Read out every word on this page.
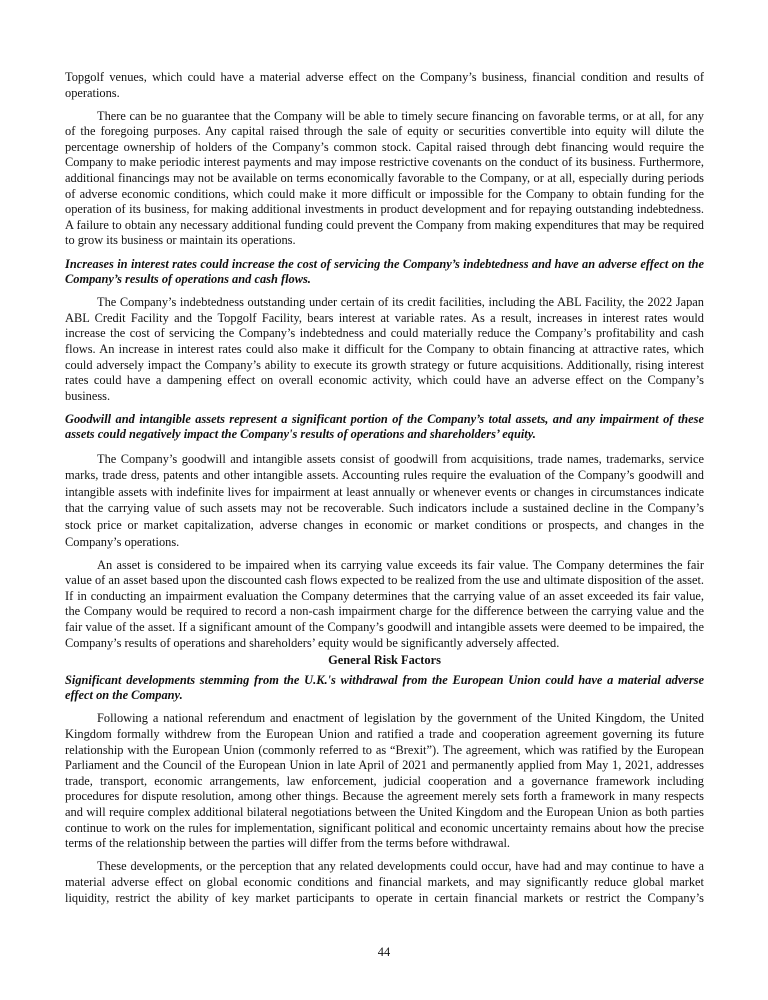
Topgolf venues, which could have a material adverse effect on the Company’s business, financial condition and results of operations.

There can be no guarantee that the Company will be able to timely secure financing on favorable terms, or at all, for any of the foregoing purposes. Any capital raised through the sale of equity or securities convertible into equity will dilute the percentage ownership of holders of the Company’s common stock. Capital raised through debt financing would require the Company to make periodic interest payments and may impose restrictive covenants on the conduct of its business. Furthermore, additional financings may not be available on terms economically favorable to the Company, or at all, especially during periods of adverse economic conditions, which could make it more difficult or impossible for the Company to obtain funding for the operation of its business, for making additional investments in product development and for repaying outstanding indebtedness. A failure to obtain any necessary additional funding could prevent the Company from making expenditures that may be required to grow its business or maintain its operations.

Increases in interest rates could increase the cost of servicing the Company’s indebtedness and have an adverse effect on the Company’s results of operations and cash flows.

The Company’s indebtedness outstanding under certain of its credit facilities, including the ABL Facility, the 2022 Japan ABL Credit Facility and the Topgolf Facility, bears interest at variable rates. As a result, increases in interest rates would increase the cost of servicing the Company’s indebtedness and could materially reduce the Company’s profitability and cash flows. An increase in interest rates could also make it difficult for the Company to obtain financing at attractive rates, which could adversely impact the Company’s ability to execute its growth strategy or future acquisitions. Additionally, rising interest rates could have a dampening effect on overall economic activity, which could have an adverse effect on the Company’s business.

Goodwill and intangible assets represent a significant portion of the Company’s total assets, and any impairment of these assets could negatively impact the Company's results of operations and shareholders’ equity.

The Company’s goodwill and intangible assets consist of goodwill from acquisitions, trade names, trademarks, service marks, trade dress, patents and other intangible assets. Accounting rules require the evaluation of the Company’s goodwill and intangible assets with indefinite lives for impairment at least annually or whenever events or changes in circumstances indicate that the carrying value of such assets may not be recoverable. Such indicators include a sustained decline in the Company’s stock price or market capitalization, adverse changes in economic or market conditions or prospects, and changes in the Company’s operations.

An asset is considered to be impaired when its carrying value exceeds its fair value. The Company determines the fair value of an asset based upon the discounted cash flows expected to be realized from the use and ultimate disposition of the asset. If in conducting an impairment evaluation the Company determines that the carrying value of an asset exceeded its fair value, the Company would be required to record a non-cash impairment charge for the difference between the carrying value and the fair value of the asset. If a significant amount of the Company’s goodwill and intangible assets were deemed to be impaired, the Company’s results of operations and shareholders’ equity would be significantly adversely affected.

General Risk Factors
Significant developments stemming from the U.K.'s withdrawal from the European Union could have a material adverse effect on the Company.

Following a national referendum and enactment of legislation by the government of the United Kingdom, the United Kingdom formally withdrew from the European Union and ratified a trade and cooperation agreement governing its future relationship with the European Union (commonly referred to as “Brexit”). The agreement, which was ratified by the European Parliament and the Council of the European Union in late April of 2021 and permanently applied from May 1, 2021, addresses trade, transport, economic arrangements, law enforcement, judicial cooperation and a governance framework including procedures for dispute resolution, among other things. Because the agreement merely sets forth a framework in many respects and will require complex additional bilateral negotiations between the United Kingdom and the European Union as both parties continue to work on the rules for implementation, significant political and economic uncertainty remains about how the precise terms of the relationship between the parties will differ from the terms before withdrawal.

These developments, or the perception that any related developments could occur, have had and may continue to have a material adverse effect on global economic conditions and financial markets, and may significantly reduce global market liquidity, restrict the ability of key market participants to operate in certain financial markets or restrict the Company’s

44
